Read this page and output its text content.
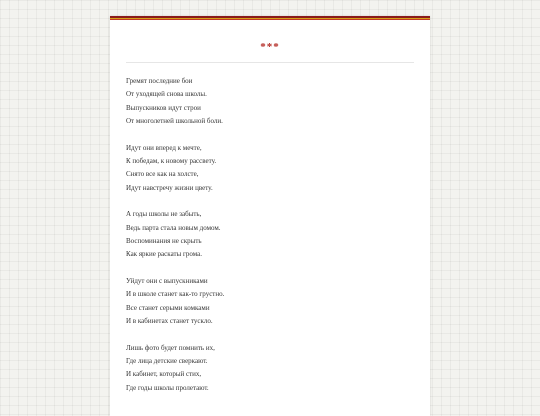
***
Гремят последние бои
От уходящей снова школы.
Выпускников идут строи
От многолетней школьной боли.
Идут они вперед к мечте,
К победам, к новому рассвету.
Снято все как на холсте,
Идут навстречу жизни цвету.
А годы школы не забыть,
Ведь парта стала новым домом.
Воспоминания не скрыть
Как яркие раскаты грома.
Уйдут они с выпускниками
И в школе станет как-то грустно.
Все станет серыми комками
И в кабинетах станет тускло.
Лишь фото будет помнить их,
Где лица детские сверкают.
И кабинет, который стих,
Где годы школы пролетают.
